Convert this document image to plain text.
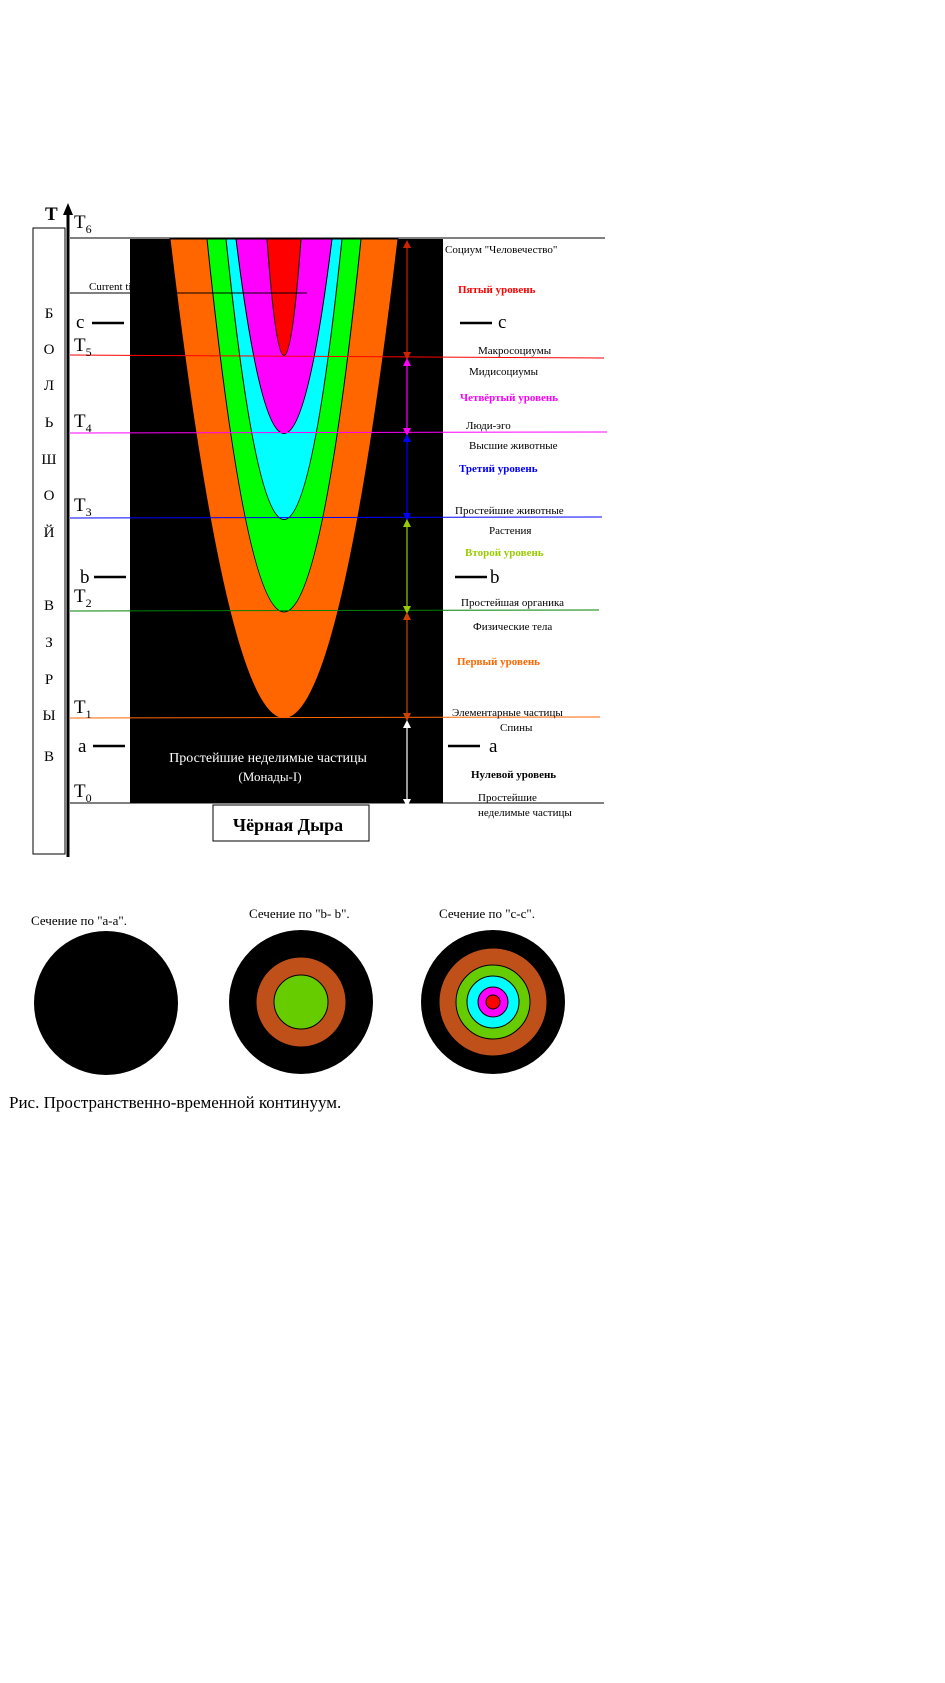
Б
О
Л
Ь
Ш
О
Й
В
З
Р
Ы
В
T $T_6$
$T_5$
$T_4$
$T_3$
$T_2$
$T_1$
$T_0$
Current time
c	c
b	b
a	a
Простейшие неделимые частицы
(Монады-I)
Чёрная Дыра
Социум "Человечество"
Пятый уровень
Макросоциумы
Мидисоциумы
Четвёртый уровень
Люди-эго
Высшие животные
Третий уровень
Простейшие животные
Растения
Второй уровень
Простейшая органика
Физические тела
Первый уровень
Элементарные частицы
Спины
Нулевой уровень
Простейшие
неделимые частицы
Сечение по "a-a".	Сечение по "b- b".	Сечение по "c-c".
Рис. Пространственно-временной континуум.
